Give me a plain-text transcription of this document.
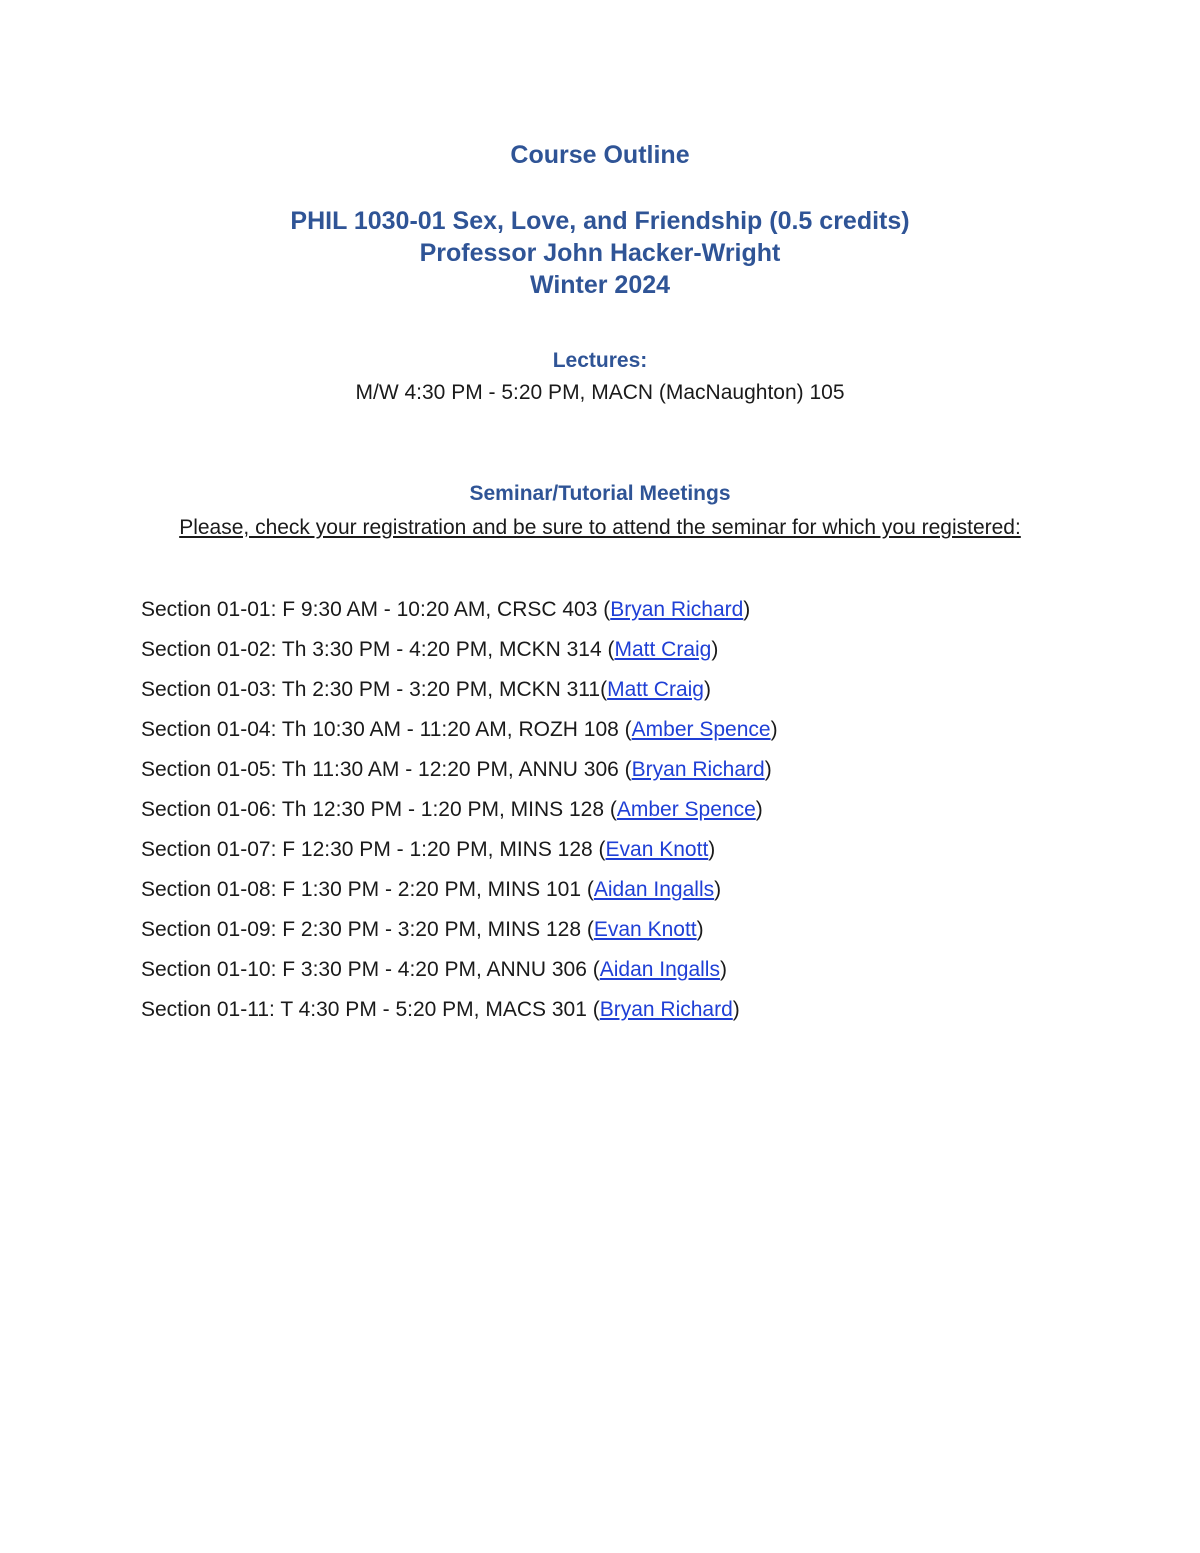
Course Outline
PHIL 1030-01 Sex, Love, and Friendship (0.5 credits)
Professor John Hacker-Wright
Winter 2024
Lectures:
M/W 4:30 PM - 5:20 PM, MACN (MacNaughton) 105
Seminar/Tutorial Meetings
Please, check your registration and be sure to attend the seminar for which you registered:
Section 01-01: F 9:30 AM - 10:20 AM, CRSC 403 (Bryan Richard)
Section 01-02: Th 3:30 PM - 4:20 PM, MCKN 314 (Matt Craig)
Section 01-03: Th 2:30 PM - 3:20 PM, MCKN 311(Matt Craig)
Section 01-04: Th 10:30 AM - 11:20 AM, ROZH 108 (Amber Spence)
Section 01-05: Th 11:30 AM - 12:20 PM, ANNU 306 (Bryan Richard)
Section 01-06: Th 12:30 PM - 1:20 PM, MINS 128 (Amber Spence)
Section 01-07: F 12:30 PM - 1:20 PM, MINS 128 (Evan Knott)
Section 01-08: F 1:30 PM - 2:20 PM, MINS 101 (Aidan Ingalls)
Section 01-09: F 2:30 PM - 3:20 PM, MINS 128 (Evan Knott)
Section 01-10: F 3:30 PM - 4:20 PM, ANNU 306 (Aidan Ingalls)
Section 01-11: T 4:30 PM - 5:20 PM, MACS 301 (Bryan Richard)
